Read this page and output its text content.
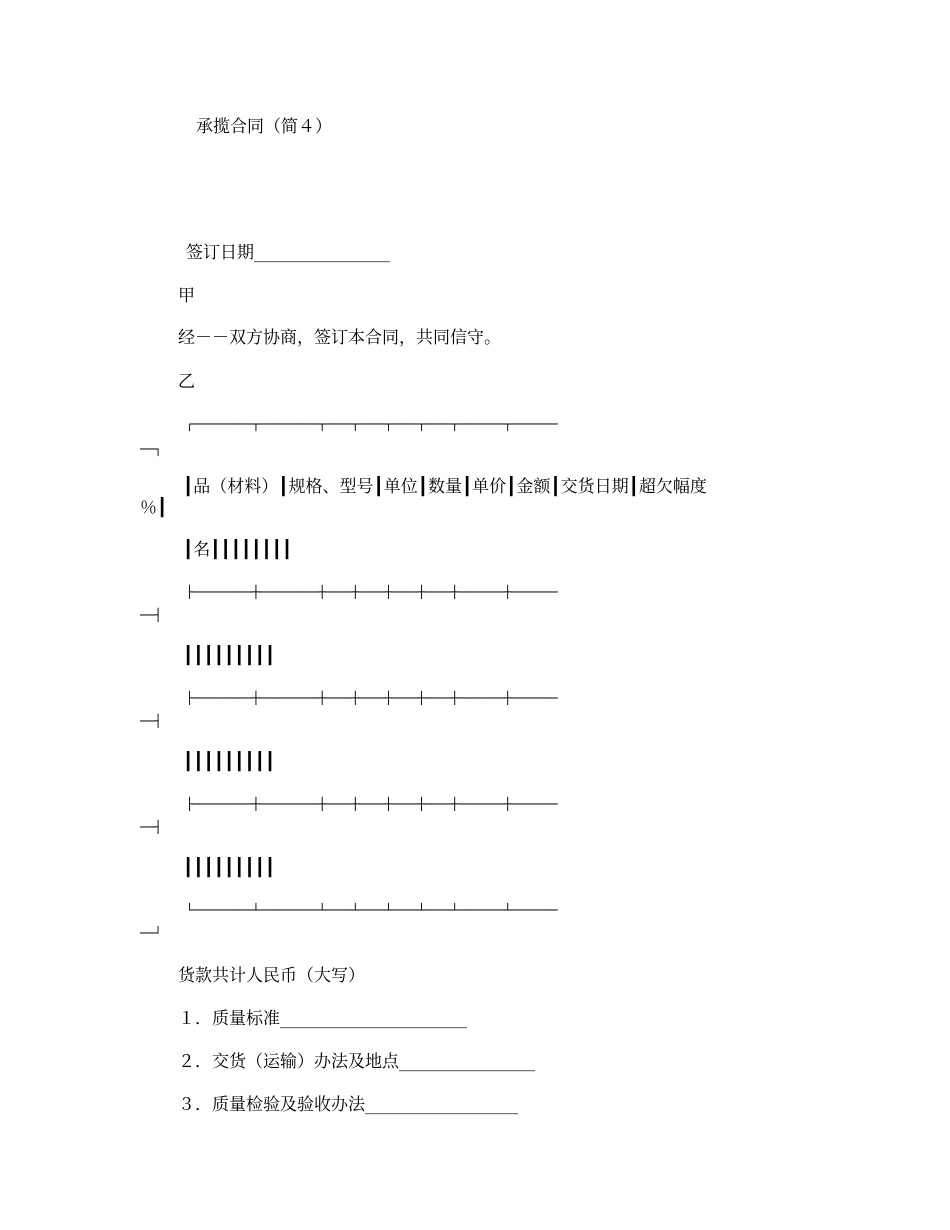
承揽合同（简４）

签订日期________________

甲

经－－双方协商，签订本合同，共同信守。

乙

┌─────────┬─────────┬────┬────┬────┬────┬───────┬───────

──┐

┃品（材料）┃规格、型号┃单位┃数量┃单价┃金额┃交货日期┃超欠幅度

％┃

┃名┃┃┃┃┃┃┃┃

├─────────┼─────────┼────┼────┼────┼────┼───────┼───────

──┤

┃┃┃┃┃┃┃┃┃

├─────────┼─────────┼────┼────┼────┼────┼───────┼───────

──┤

┃┃┃┃┃┃┃┃┃

├─────────┼─────────┼────┼────┼────┼────┼───────┼───────

──┤

┃┃┃┃┃┃┃┃┃

└─────────┴─────────┴────┴────┴────┴────┴───────┴───────

──┘

货款共计人民币（大写）

１．质量标准______________________

２．交货（运输）办法及地点________________

３．质量检验及验收办法__________________
